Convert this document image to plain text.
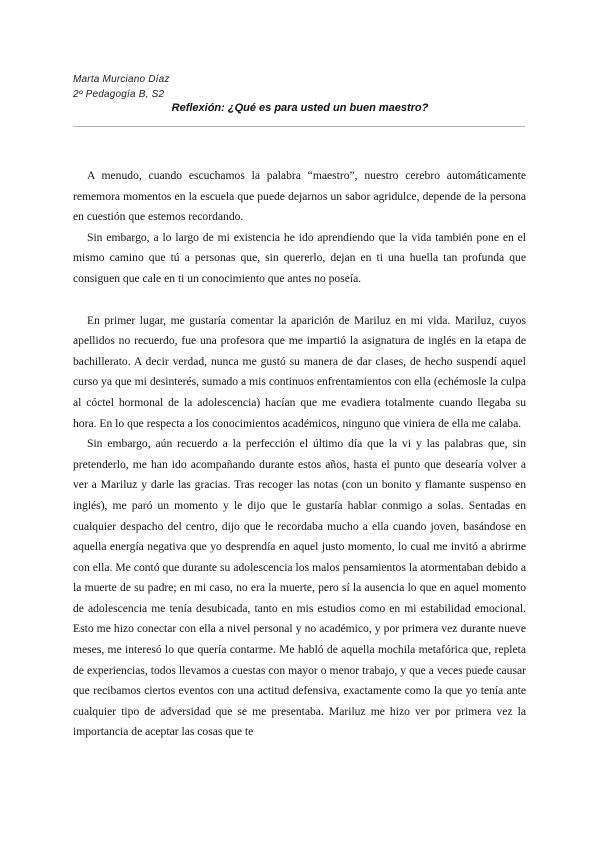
Marta Murciano Díaz
2º Pedagogía B, S2
Reflexión: ¿Qué es para usted un buen maestro?

A menudo, cuando escuchamos la palabra “maestro”, nuestro cerebro automáticamente rememora momentos en la escuela que puede dejarnos un sabor agridulce, depende de la persona en cuestión que estemos recordando.

Sin embargo, a lo largo de mi existencia he ido aprendiendo que la vida también pone en el mismo camino que tú a personas que, sin quererlo, dejan en ti una huella tan profunda que consiguen que cale en ti un conocimiento que antes no poseía.

En primer lugar, me gustaría comentar la aparición de Mariluz en mi vida. Mariluz, cuyos apellidos no recuerdo, fue una profesora que me impartió la asignatura de inglés en la etapa de bachillerato. A decir verdad, nunca me gustó su manera de dar clases, de hecho suspendí aquel curso ya que mi desinterés, sumado a mis continuos enfrentamientos con ella (echémosle la culpa al cóctel hormonal de la adolescencia) hacían que me evadiera totalmente cuando llegaba su hora. En lo que respecta a los conocimientos académicos, ninguno que viniera de ella me calaba.

Sin embargo, aún recuerdo a la perfección el último día que la vi y las palabras que, sin pretenderlo, me han ido acompañando durante estos años, hasta el punto que desearía volver a ver a Mariluz y darle las gracias. Tras recoger las notas (con un bonito y flamante suspenso en inglés), me paró un momento y le dijo que le gustaría hablar conmigo a solas. Sentadas en cualquier despacho del centro, dijo que le recordaba mucho a ella cuando joven, basándose en aquella energía negativa que yo desprendía en aquel justo momento, lo cual me invitó a abrirme con ella. Me contó que durante su adolescencia los malos pensamientos la atormentaban debido a la muerte de su padre; en mi caso, no era la muerte, pero sí la ausencia lo que en aquel momento de adolescencia me tenía desubicada, tanto en mis estudios como en mi estabilidad emocional. Esto me hizo conectar con ella a nivel personal y no académico, y por primera vez durante nueve meses, me interesó lo que quería contarme. Me habló de aquella mochila metafórica que, repleta de experiencias, todos llevamos a cuestas con mayor o menor trabajo, y que a veces puede causar que recibamos ciertos eventos con una actitud defensiva, exactamente como la que yo tenía ante cualquier tipo de adversidad que se me presentaba. Mariluz me hizo ver por primera vez la importancia de aceptar las cosas que te
